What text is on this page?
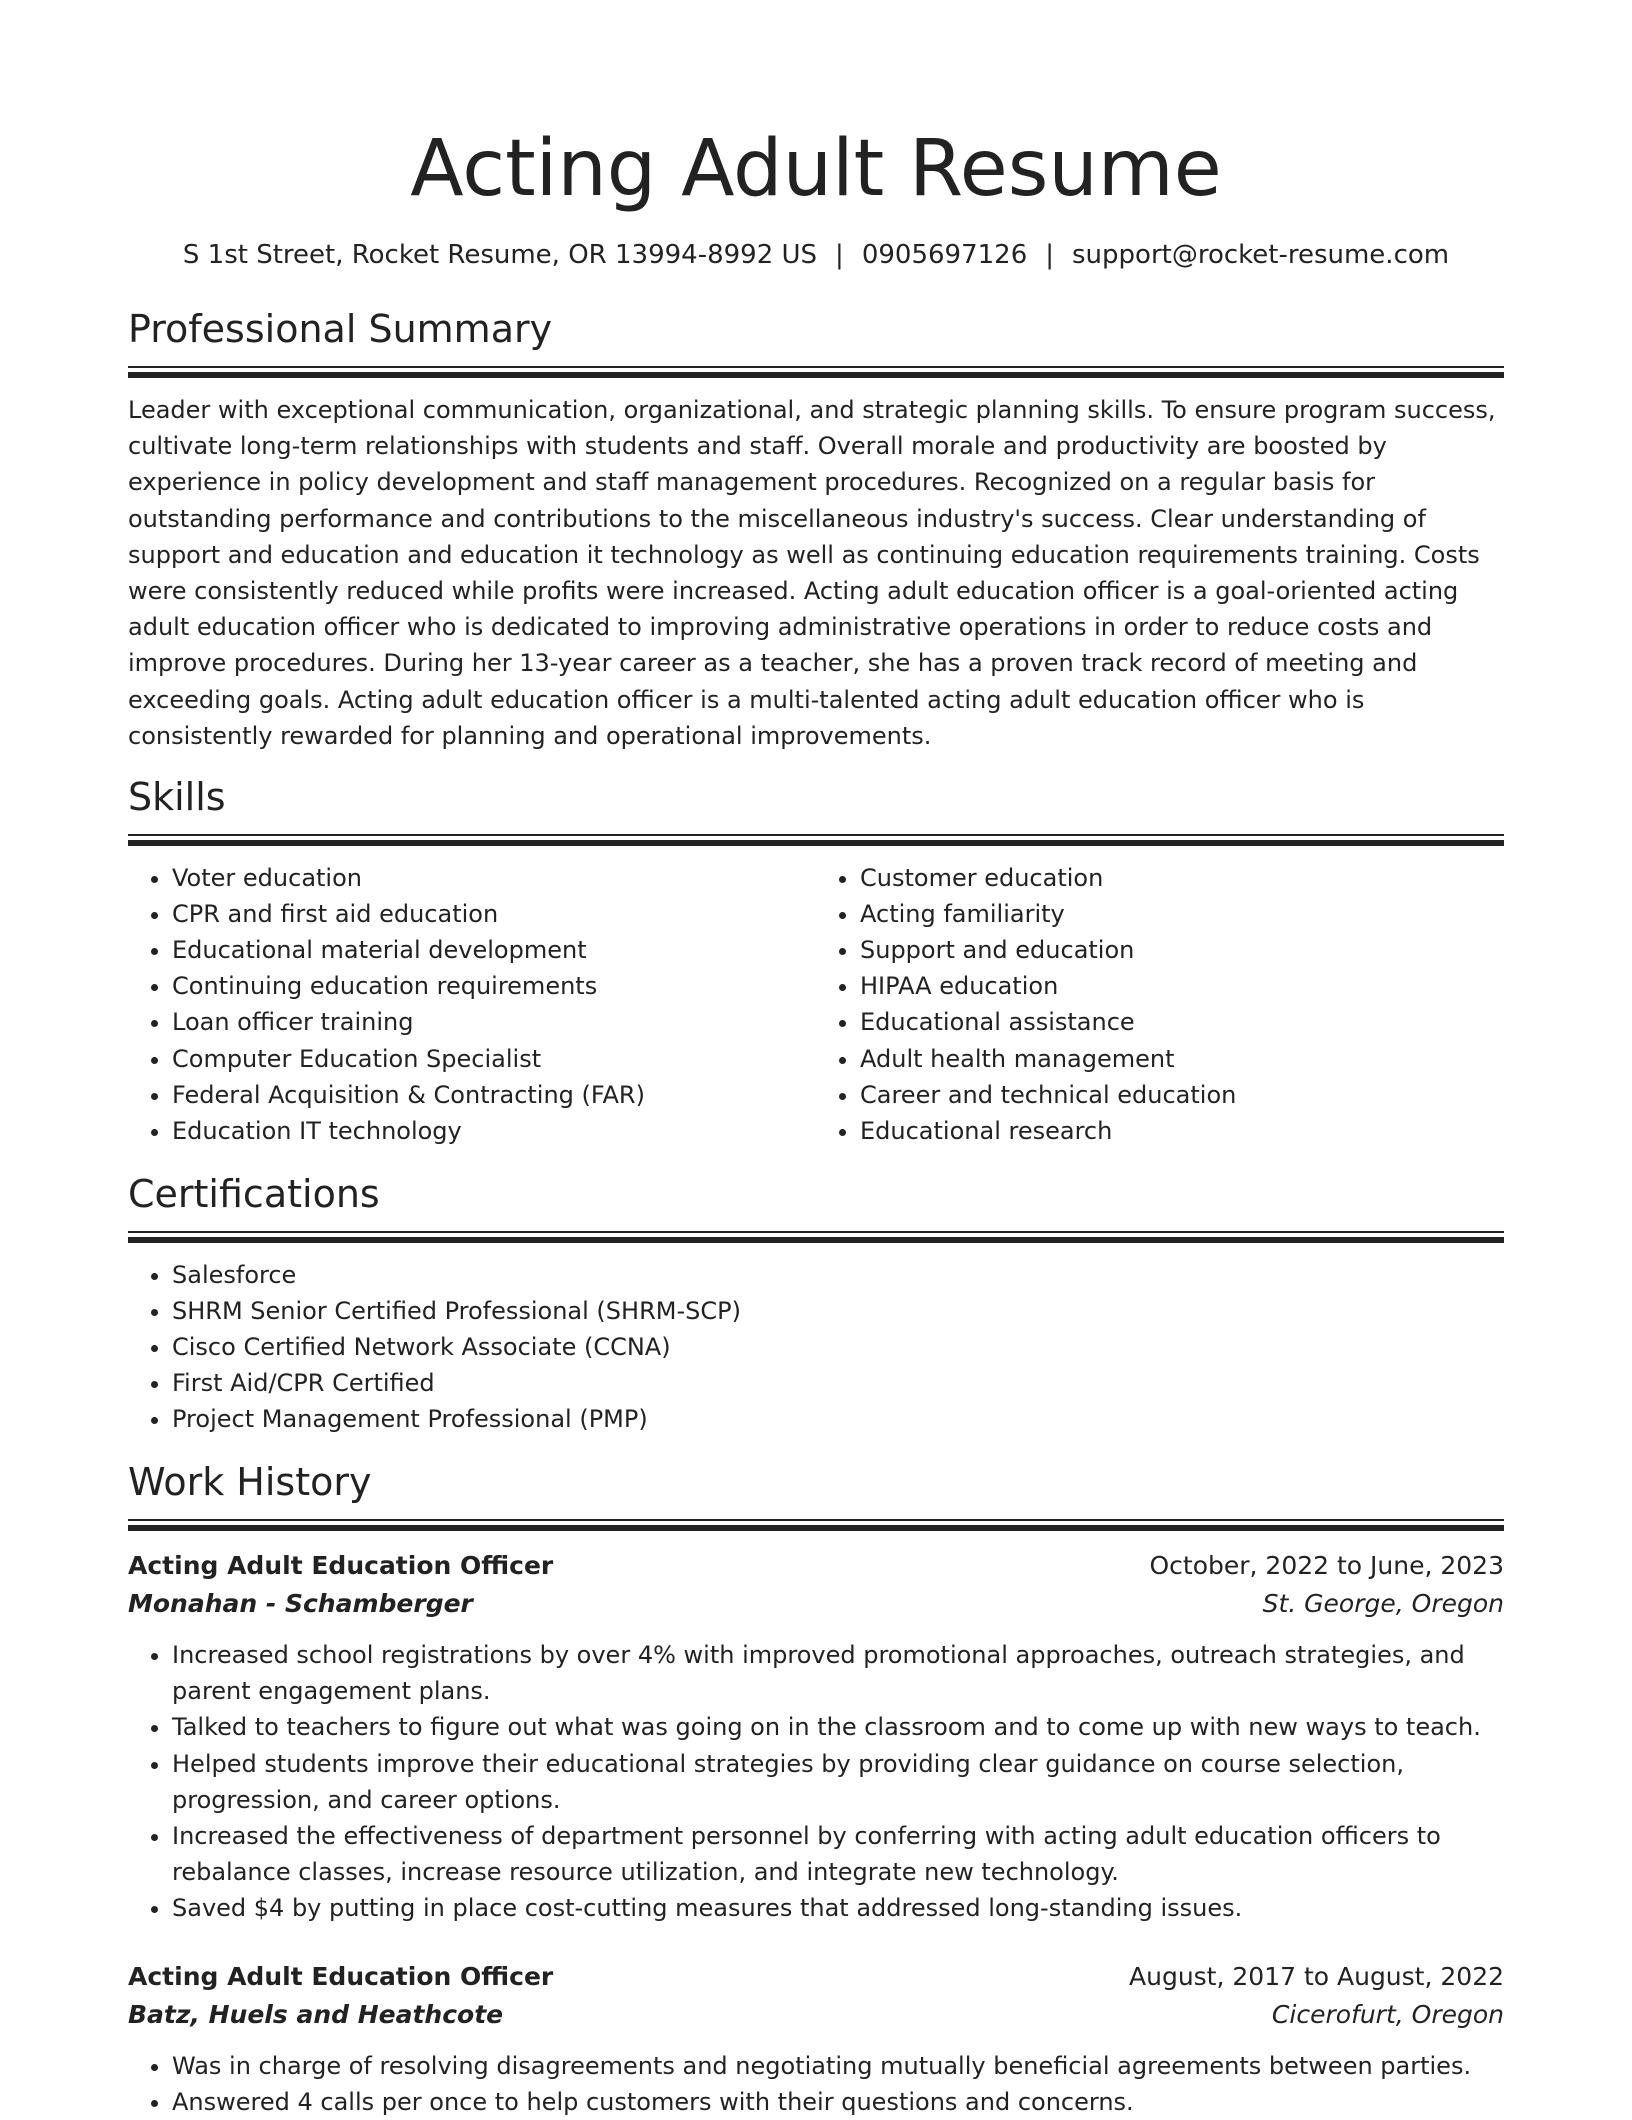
Acting Adult Resume
S 1st Street, Rocket Resume, OR 13994-8992 US | 0905697126 | support@rocket-resume.com
Professional Summary
Leader with exceptional communication, organizational, and strategic planning skills. To ensure program success, cultivate long-term relationships with students and staff. Overall morale and productivity are boosted by experience in policy development and staff management procedures. Recognized on a regular basis for outstanding performance and contributions to the miscellaneous industry's success. Clear understanding of support and education and education it technology as well as continuing education requirements training. Costs were consistently reduced while profits were increased. Acting adult education officer is a goal-oriented acting adult education officer who is dedicated to improving administrative operations in order to reduce costs and improve procedures. During her 13-year career as a teacher, she has a proven track record of meeting and exceeding goals. Acting adult education officer is a multi-talented acting adult education officer who is consistently rewarded for planning and operational improvements.
Skills
• Voter education
• CPR and first aid education
• Educational material development
• Continuing education requirements
• Loan officer training
• Computer Education Specialist
• Federal Acquisition & Contracting (FAR)
• Education IT technology
• Customer education
• Acting familiarity
• Support and education
• HIPAA education
• Educational assistance
• Adult health management
• Career and technical education
• Educational research
Certifications
• Salesforce
• SHRM Senior Certified Professional (SHRM-SCP)
• Cisco Certified Network Associate (CCNA)
• First Aid/CPR Certified
• Project Management Professional (PMP)
Work History
Acting Adult Education Officer	October, 2022 to June, 2023
Monahan - Schamberger	St. George, Oregon
• Increased school registrations by over 4% with improved promotional approaches, outreach strategies, and parent engagement plans.
• Talked to teachers to figure out what was going on in the classroom and to come up with new ways to teach.
• Helped students improve their educational strategies by providing clear guidance on course selection, progression, and career options.
• Increased the effectiveness of department personnel by conferring with acting adult education officers to rebalance classes, increase resource utilization, and integrate new technology.
• Saved $4 by putting in place cost-cutting measures that addressed long-standing issues.
Acting Adult Education Officer	August, 2017 to August, 2022
Batz, Huels and Heathcote	Cicerofurt, Oregon
• Was in charge of resolving disagreements and negotiating mutually beneficial agreements between parties.
• Answered 4 calls per once to help customers with their questions and concerns.
